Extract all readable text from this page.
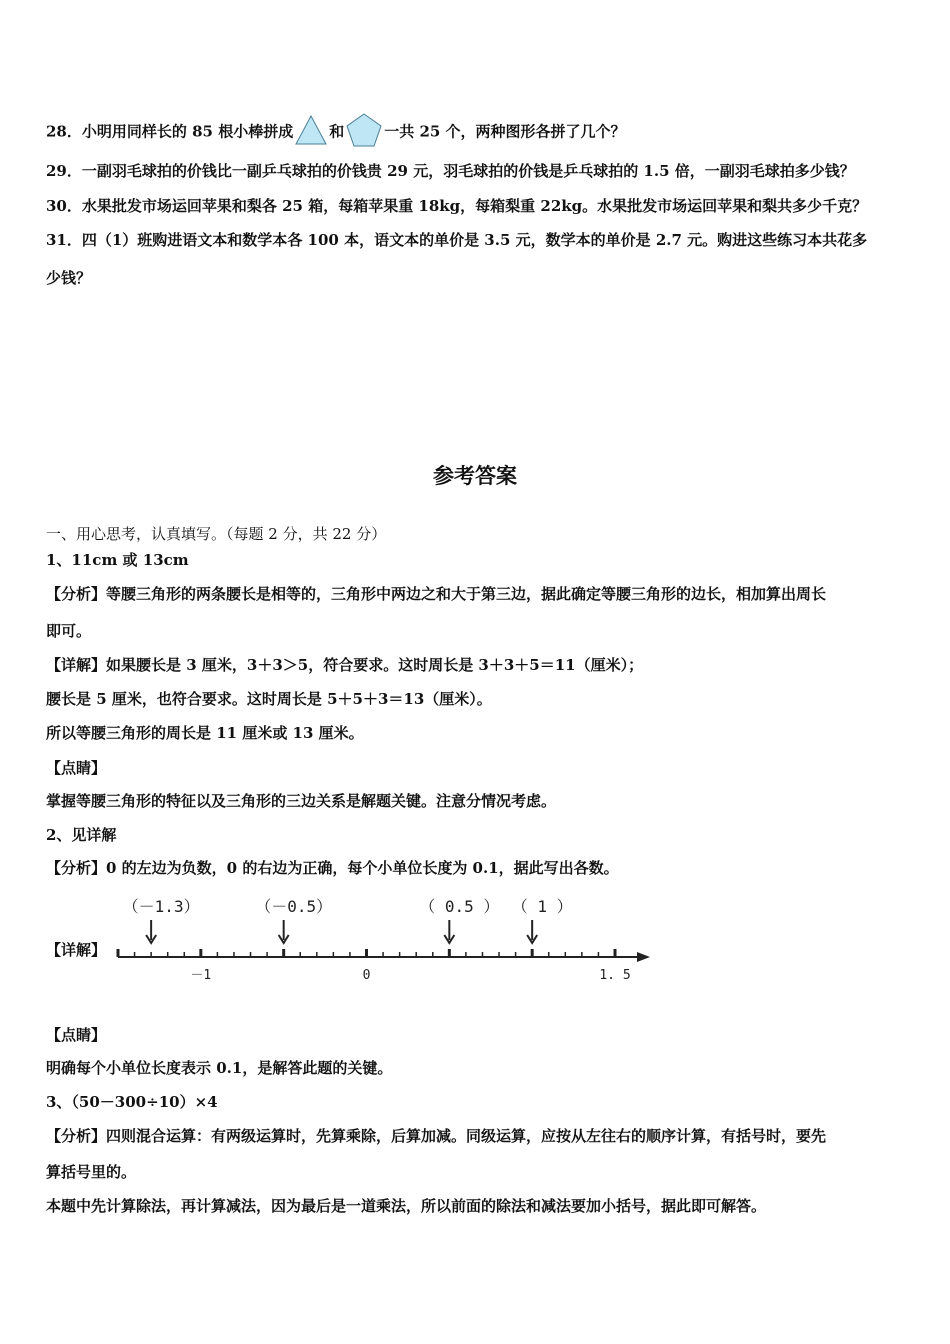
28．小明用同样长的 85 根小棒拼成 和	一共 25 个，两种图形各拼了几个？
29．一副羽毛球拍的价钱比一副乒乓球拍的价钱贵 29 元，羽毛球拍的价钱是乒乓球拍的 1.5 倍，一副羽毛球拍多少钱？
30．水果批发市场运回苹果和梨各 25 箱，每箱苹果重 18kg，每箱梨重 22kg。水果批发市场运回苹果和梨共多少千克？
31．四（1）班购进语文本和数学本各 100 本，语文本的单价是 3.5 元，数学本的单价是 2.7 元。购进这些练习本共花多
少钱？
参考答案
一、用心思考，认真填写。（每题 2 分，共 22 分）
1、11cm 或 13cm
【分析】等腰三角形的两条腰长是相等的，三角形中两边之和大于第三边，据此确定等腰三角形的边长，相加算出周长
即可。
【详解】如果腰长是 3 厘米，3＋3＞5，符合要求。这时周长是 3＋3＋5＝11（厘米）；
腰长是 5 厘米，也符合要求。这时周长是 5＋5＋3＝13（厘米）。
所以等腰三角形的周长是 11 厘米或 13 厘米。
【点睛】
掌握等腰三角形的特征以及三角形的三边关系是解题关键。注意分情况考虑。
2、见详解
【分析】0 的左边为负数，0 的右边为正确，每个小单位长度为 0.1，据此写出各数。
【详解】
－1	0	1. 5
（－1.3）	（－0.5）	（ 0.5 ） （ 1 ）
【点睛】
明确每个小单位长度表示 0.1，是解答此题的关键。
3、（50－300÷10）×4
【分析】四则混合运算：有两级运算时，先算乘除，后算加减。同级运算，应按从左往右的顺序计算，有括号时，要先
算括号里的。
本题中先计算除法，再计算减法，因为最后是一道乘法，所以前面的除法和减法要加小括号，据此即可解答。
